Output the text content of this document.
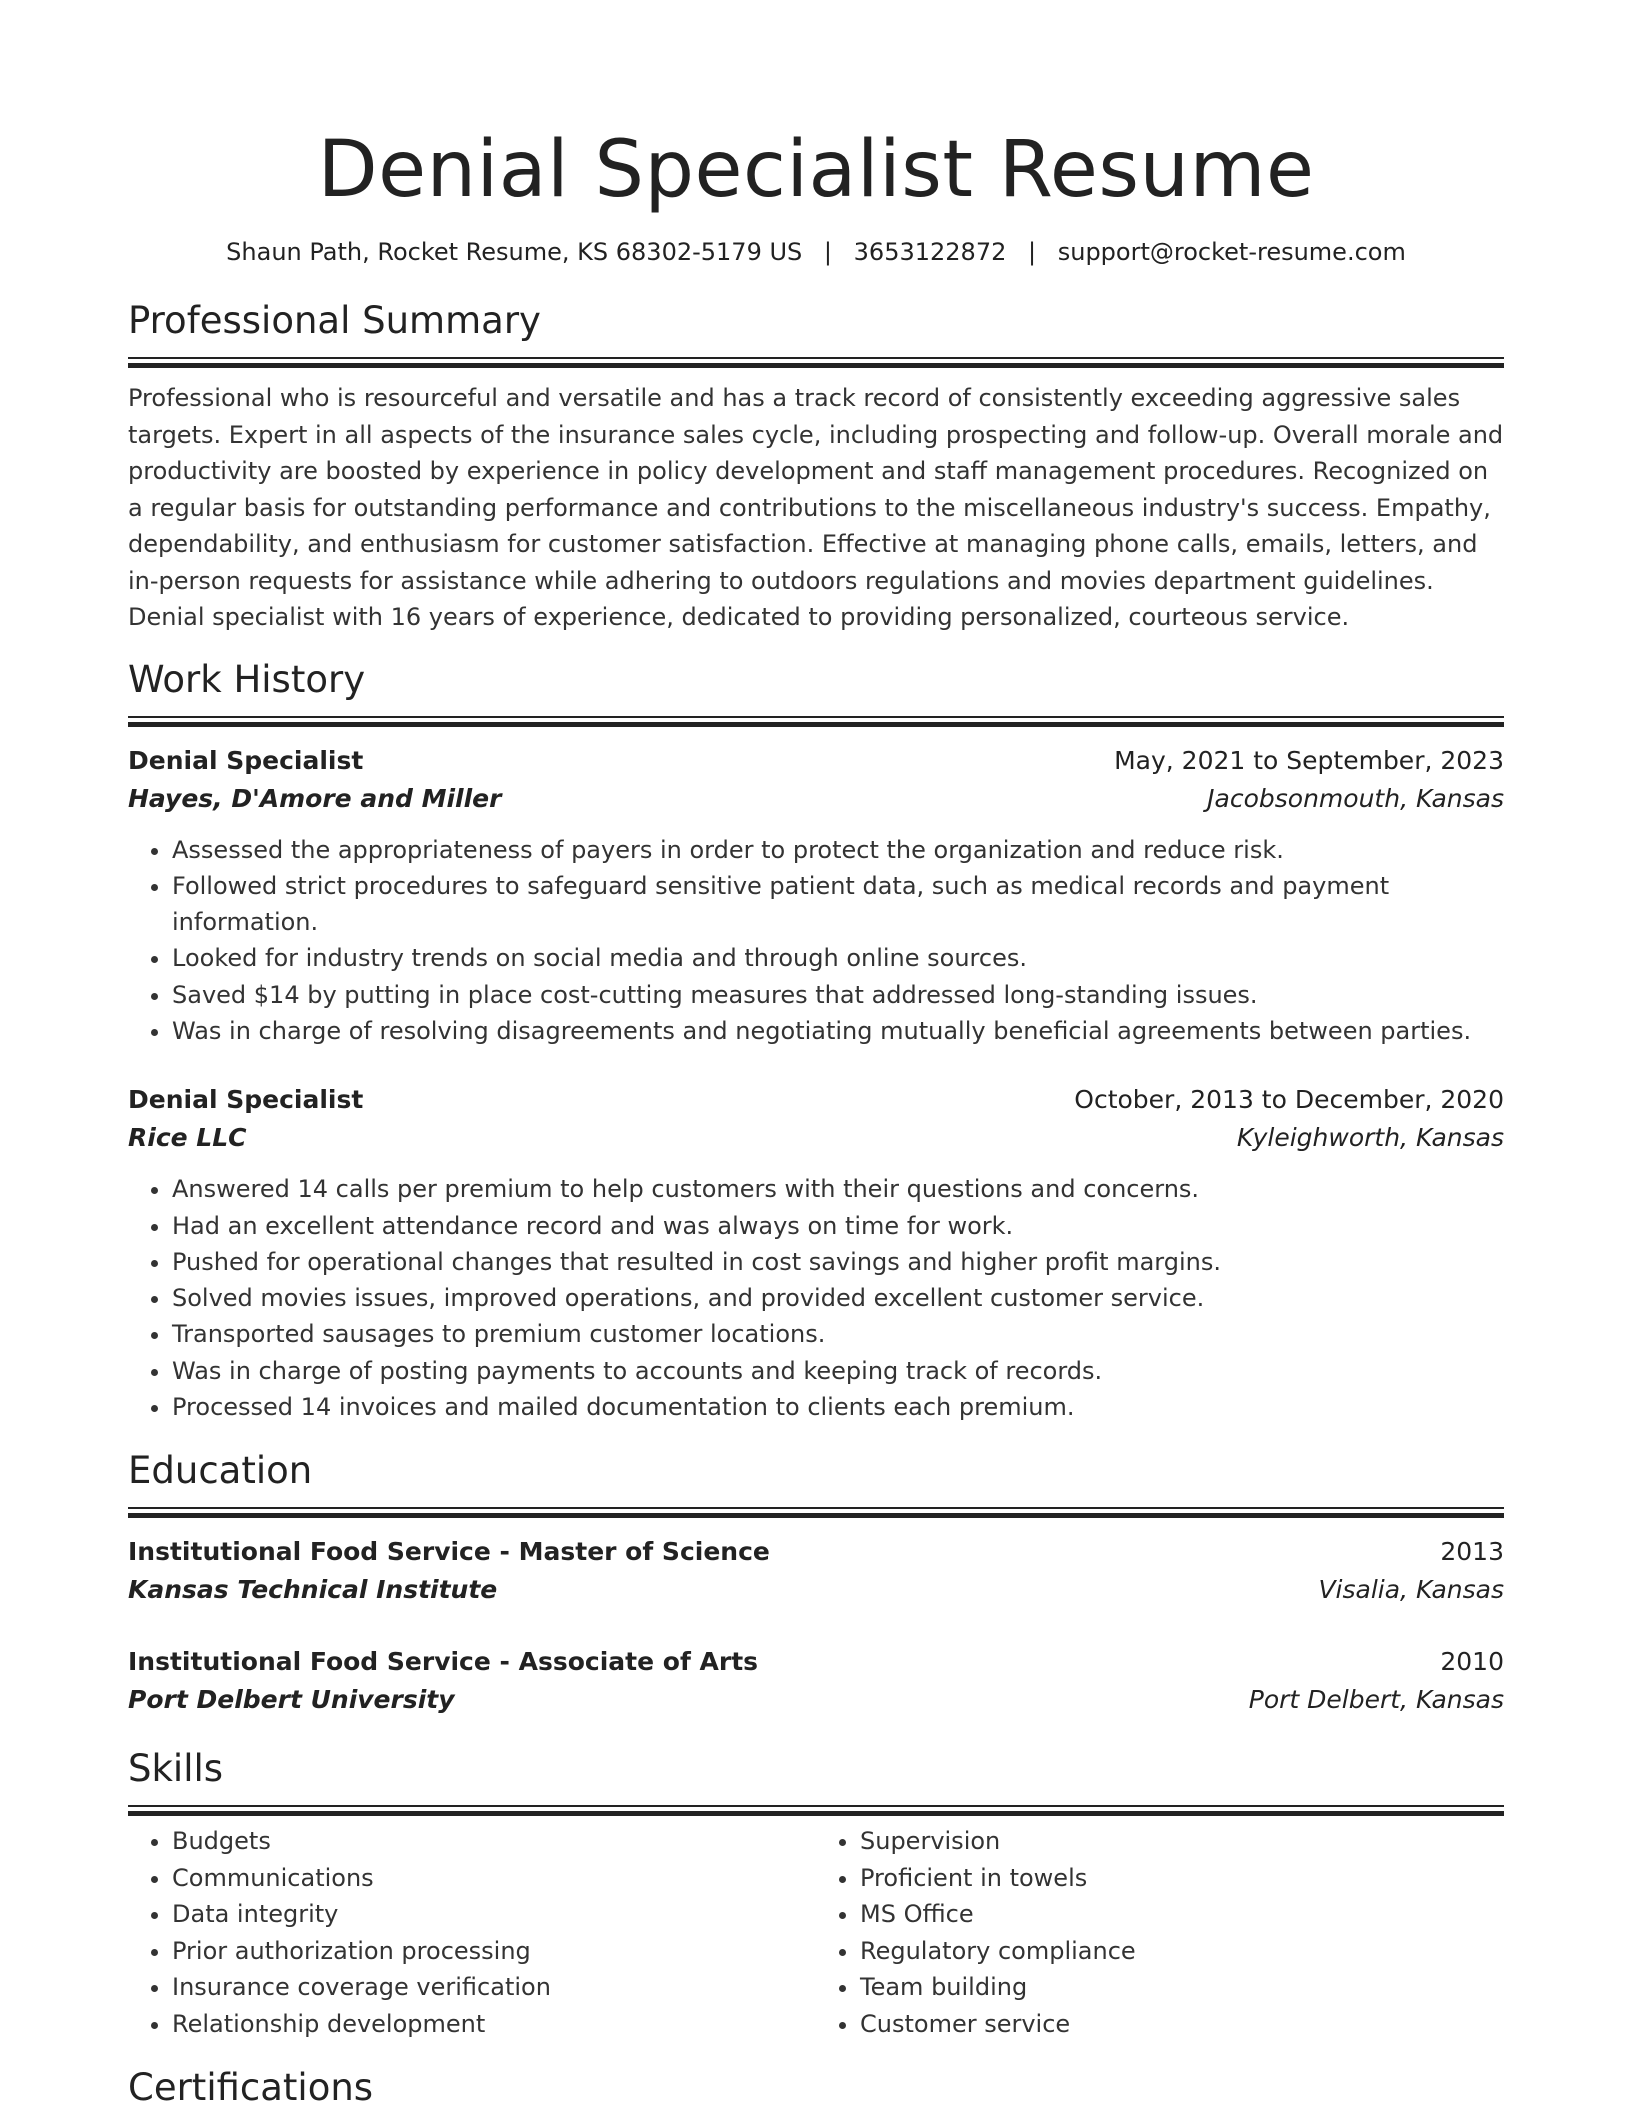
Denial Specialist Resume
Shaun Path, Rocket Resume, KS 68302-5179 US | 3653122872 | support@rocket-resume.com
Professional Summary
Professional who is resourceful and versatile and has a track record of consistently exceeding aggressive sales targets. Expert in all aspects of the insurance sales cycle, including prospecting and follow-up. Overall morale and productivity are boosted by experience in policy development and staff management procedures. Recognized on a regular basis for outstanding performance and contributions to the miscellaneous industry's success. Empathy, dependability, and enthusiasm for customer satisfaction. Effective at managing phone calls, emails, letters, and in-person requests for assistance while adhering to outdoors regulations and movies department guidelines. Denial specialist with 16 years of experience, dedicated to providing personalized, courteous service.
Work History
Denial Specialist	May, 2021 to September, 2023
Hayes, D'Amore and Miller	Jacobsonmouth, Kansas
• Assessed the appropriateness of payers in order to protect the organization and reduce risk.
• Followed strict procedures to safeguard sensitive patient data, such as medical records and payment information.
• Looked for industry trends on social media and through online sources.
• Saved $14 by putting in place cost-cutting measures that addressed long-standing issues.
• Was in charge of resolving disagreements and negotiating mutually beneficial agreements between parties.
Denial Specialist	October, 2013 to December, 2020
Rice LLC	Kyleighworth, Kansas
• Answered 14 calls per premium to help customers with their questions and concerns.
• Had an excellent attendance record and was always on time for work.
• Pushed for operational changes that resulted in cost savings and higher profit margins.
• Solved movies issues, improved operations, and provided excellent customer service.
• Transported sausages to premium customer locations.
• Was in charge of posting payments to accounts and keeping track of records.
• Processed 14 invoices and mailed documentation to clients each premium.
Education
Institutional Food Service - Master of Science	2013
Kansas Technical Institute	Visalia, Kansas
Institutional Food Service - Associate of Arts	2010
Port Delbert University	Port Delbert, Kansas
Skills
• Budgets
• Communications
• Data integrity
• Prior authorization processing
• Insurance coverage verification
• Relationship development
• Supervision
• Proficient in towels
• MS Office
• Regulatory compliance
• Team building
• Customer service
Certifications
